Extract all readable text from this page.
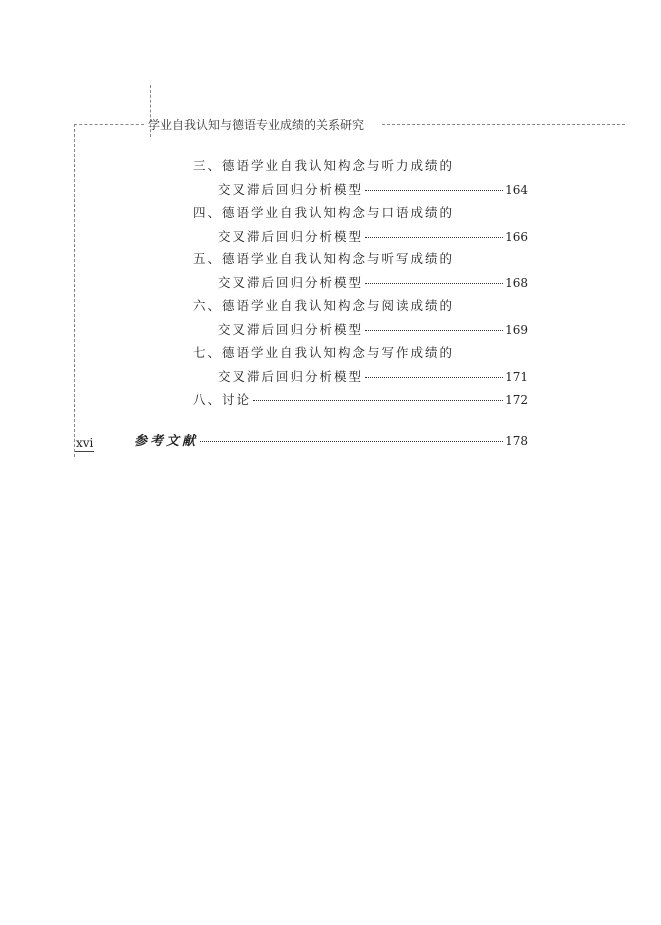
学业自我认知与德语专业成绩的关系研究
三、德语学业自我认知构念与听力成绩的
交叉滞后回归分析模型	164
四、德语学业自我认知构念与口语成绩的
交叉滞后回归分析模型	166
五、德语学业自我认知构念与听写成绩的
交叉滞后回归分析模型	168
六、德语学业自我认知构念与阅读成绩的
交叉滞后回归分析模型	169
七、德语学业自我认知构念与写作成绩的
交叉滞后回归分析模型	171
八、讨论	172
参考文献	178
xvi
